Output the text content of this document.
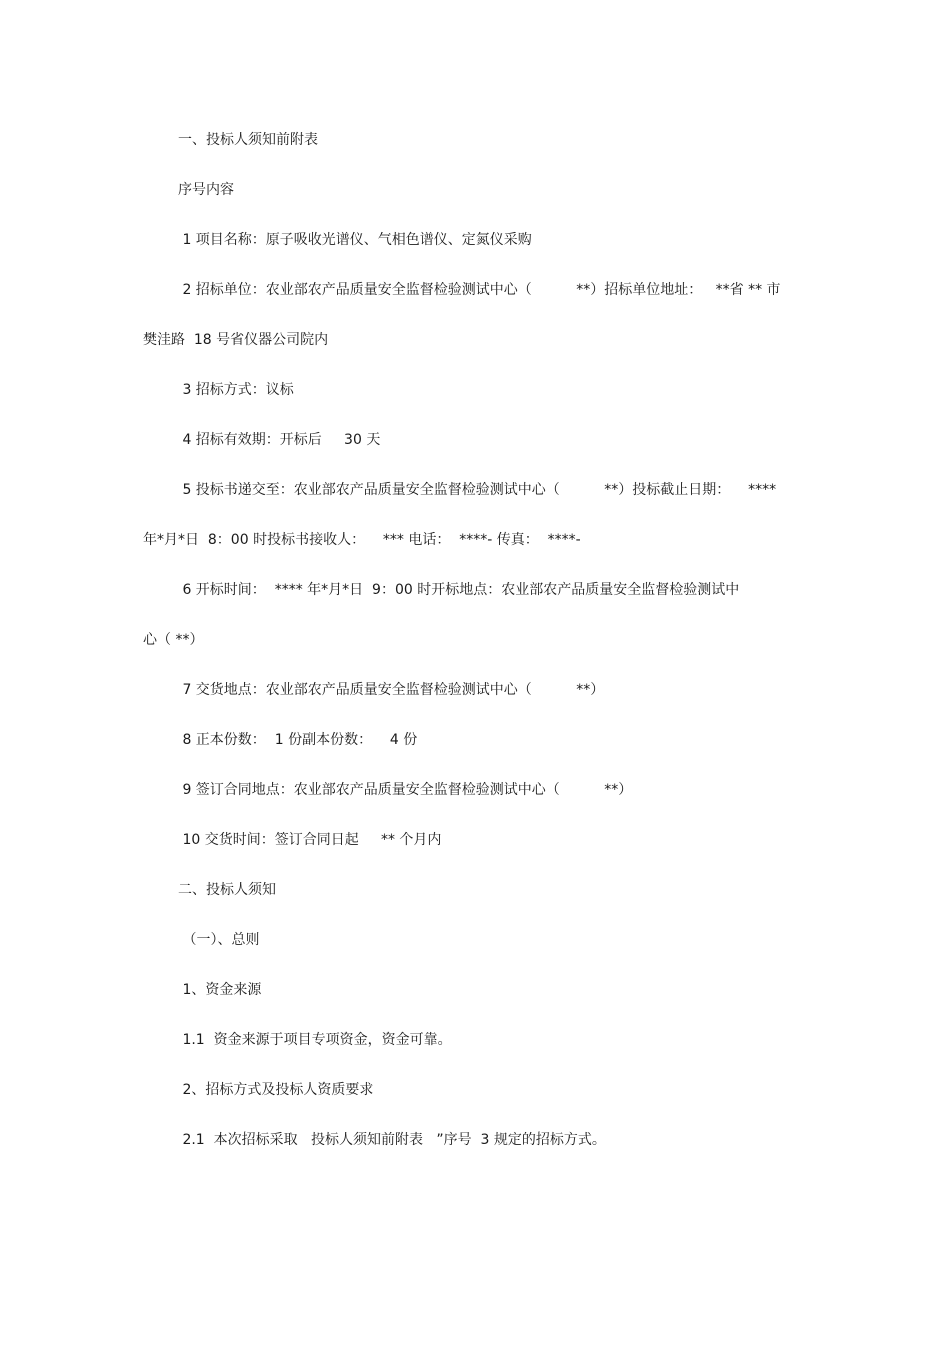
一、投标人须知前附表

序号内容

1 项目名称：原子吸收光谱仪、气相色谱仪、定氮仪采购

2 招标单位：农业部农产品质量安全监督检验测试中心（          **）招标单位地址：   **省 ** 市

樊洼路  18 号省仪器公司院内

3 招标方式：议标

4 招标有效期：开标后     30 天

5 投标书递交至：农业部农产品质量安全监督检验测试中心（          **）投标截止日期：    ****

年*月*日  8：00 时投标书接收人：    *** 电话：  ****- 传真：  ****-

6 开标时间：  **** 年*月*日  9：00 时开标地点：农业部农产品质量安全监督检验测试中

心（ **）

7 交货地点：农业部农产品质量安全监督检验测试中心（          **）

8 正本份数：  1 份副本份数：    4 份

9 签订合同地点：农业部农产品质量安全监督检验测试中心（          **）

10 交货时间：签订合同日起     ** 个月内

二、投标人须知

（一）、总则

1、资金来源

1.1  资金来源于项目专项资金，资金可靠。

2、招标方式及投标人资质要求

2.1  本次招标采取   投标人须知前附表   ”序号  3 规定的招标方式。
